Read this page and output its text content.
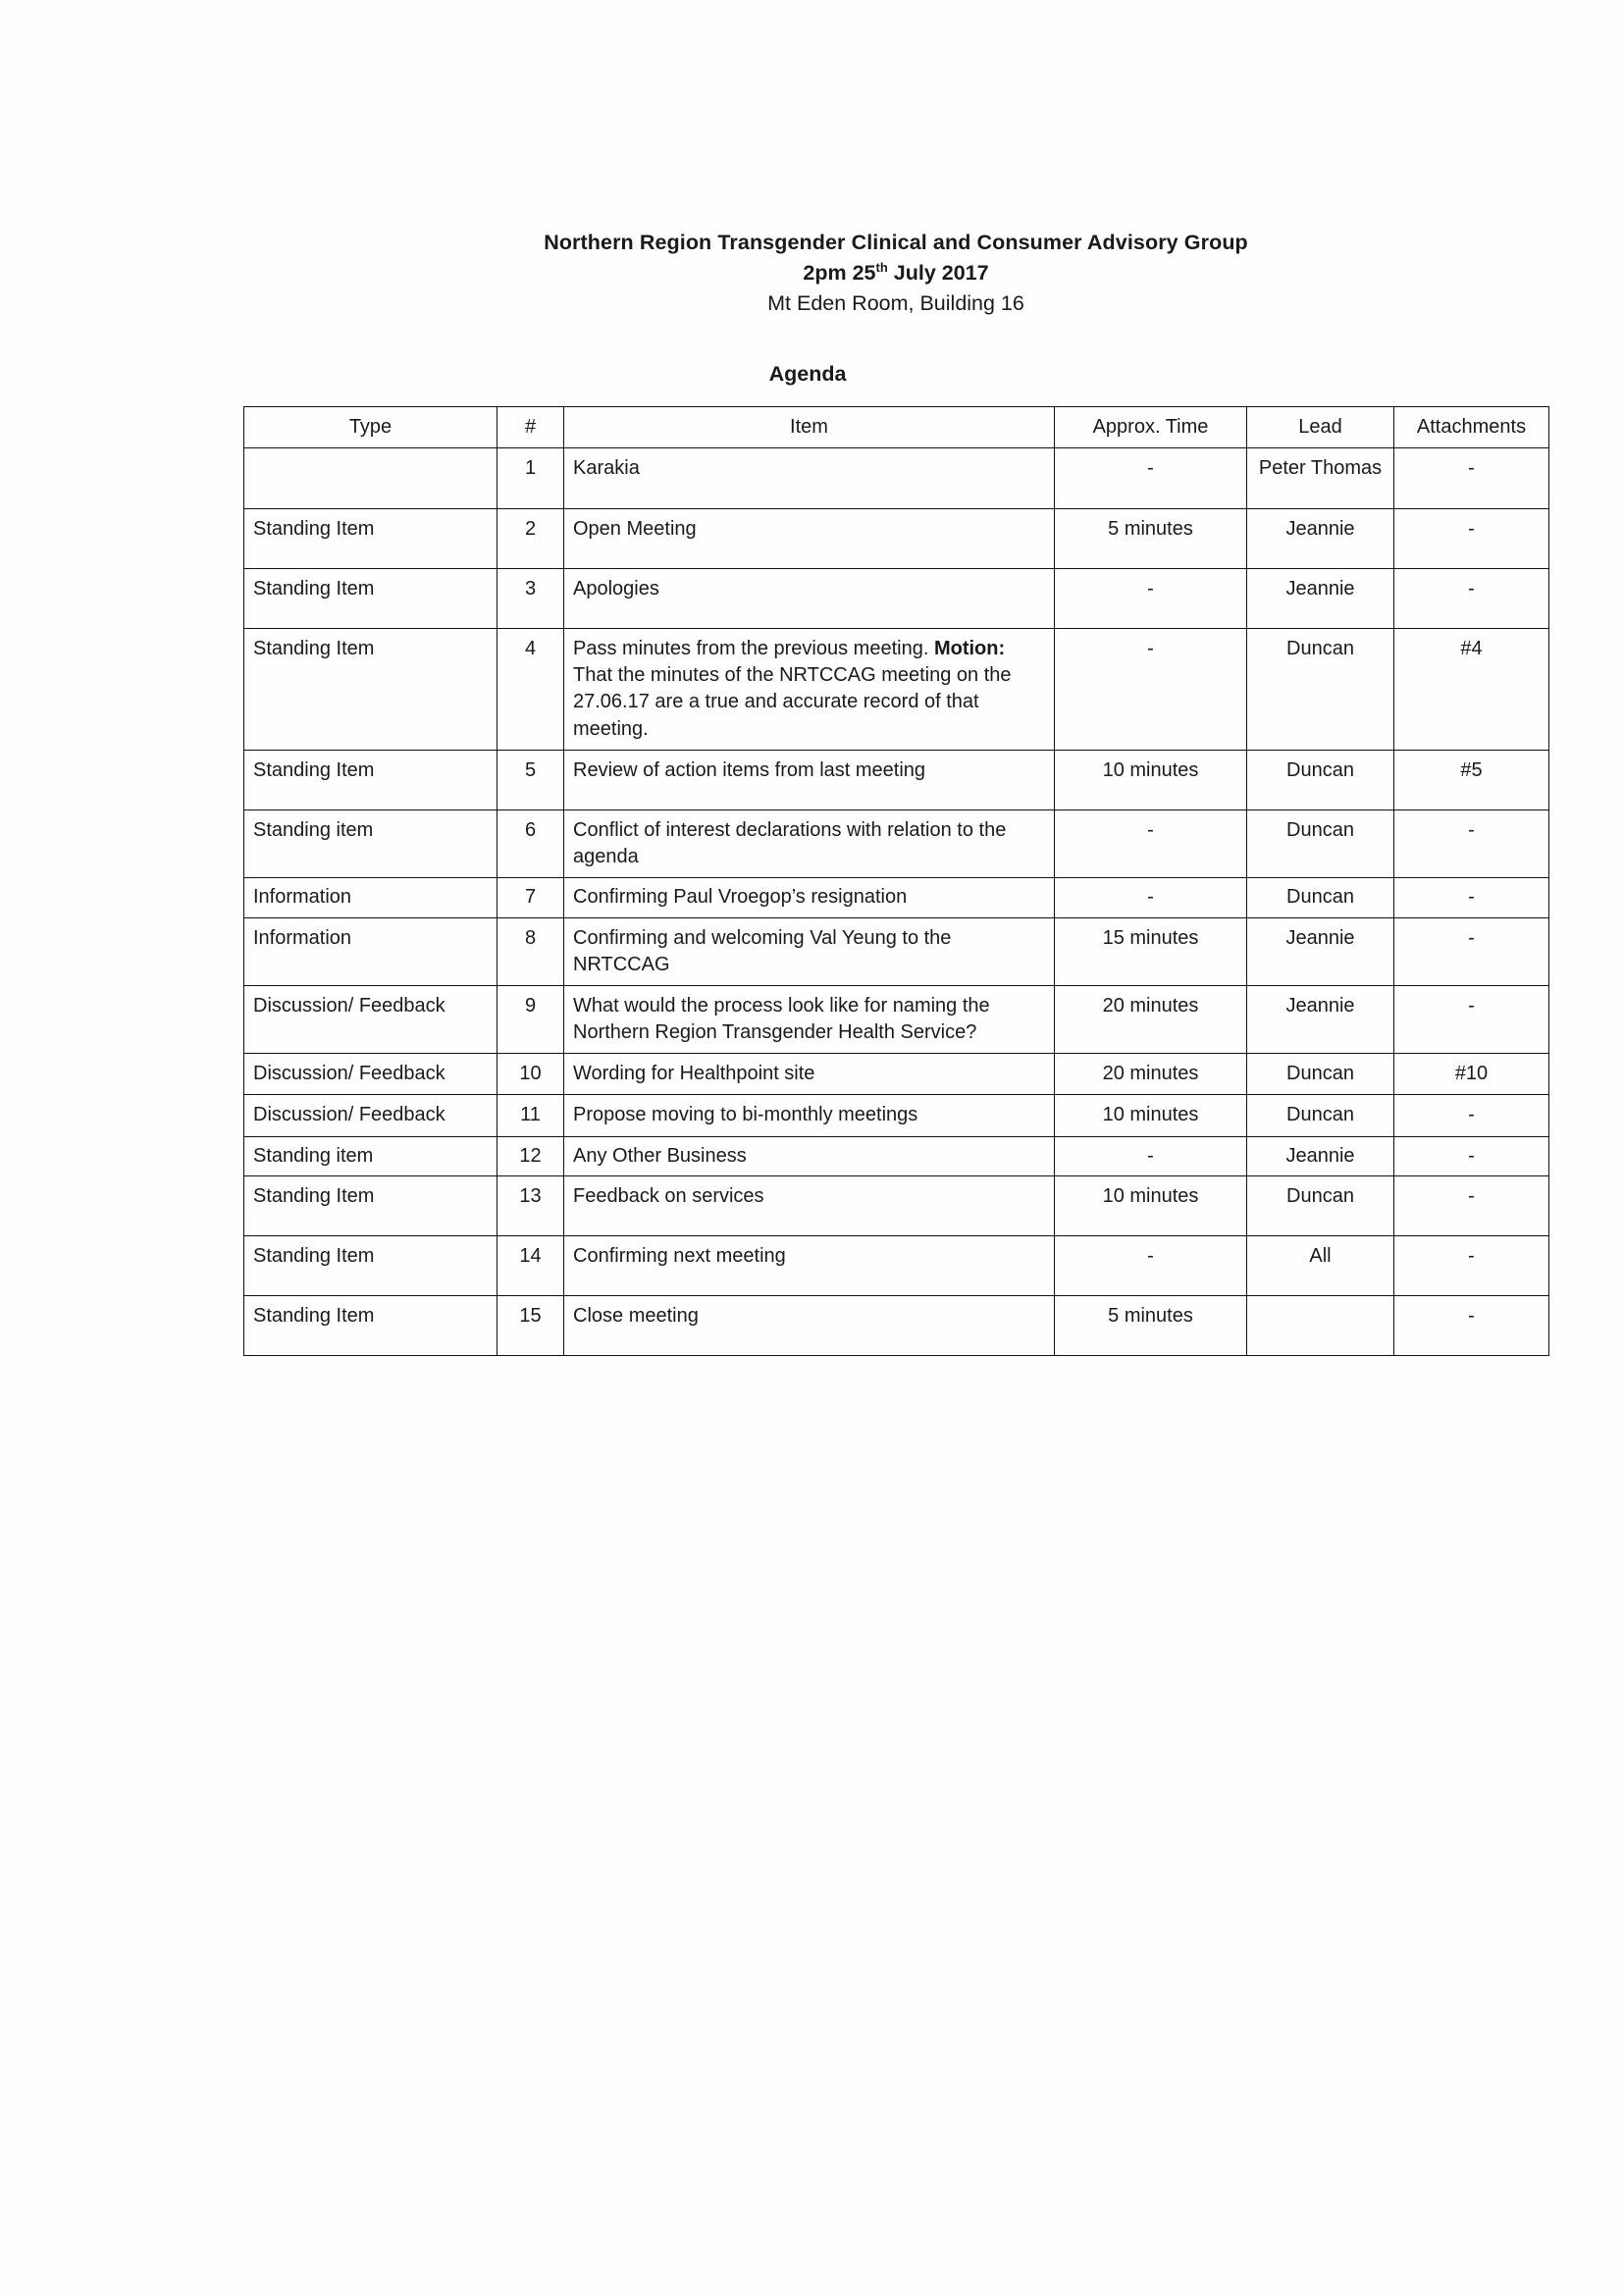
Northern Region Transgender Clinical and Consumer Advisory Group
2pm 25th July 2017
Mt Eden Room, Building 16
Agenda
Type	#	Item	Approx. Time	Lead	Attachments
	1	Karakia	-	Peter Thomas	-
Standing Item	2	Open Meeting	5 minutes	Jeannie	-
Standing Item	3	Apologies	-	Jeannie	-
Standing Item	4	Pass minutes from the previous meeting. Motion: That the minutes of the NRTCCAG meeting on the 27.06.17 are a true and accurate record of that meeting.	-	Duncan	#4
Standing Item	5	Review of action items from last meeting	10 minutes	Duncan	#5
Standing item	6	Conflict of interest declarations with relation to the agenda	-	Duncan	-
Information	7	Confirming Paul Vroegop’s resignation	-	Duncan	-
Information	8	Confirming and welcoming Val Yeung to the NRTCCAG	15 minutes	Jeannie	-
Discussion/ Feedback	9	What would the process look like for naming the Northern Region Transgender Health Service?	20 minutes	Jeannie	-
Discussion/ Feedback	10	Wording for Healthpoint site	20 minutes	Duncan	#10
Discussion/ Feedback	11	Propose moving to bi-monthly meetings	10 minutes	Duncan	-
Standing item	12	Any Other Business	-	Jeannie	-
Standing Item	13	Feedback on services	10 minutes	Duncan	-
Standing Item	14	Confirming next meeting	-	All	-
Standing Item	15	Close meeting	5 minutes		-
